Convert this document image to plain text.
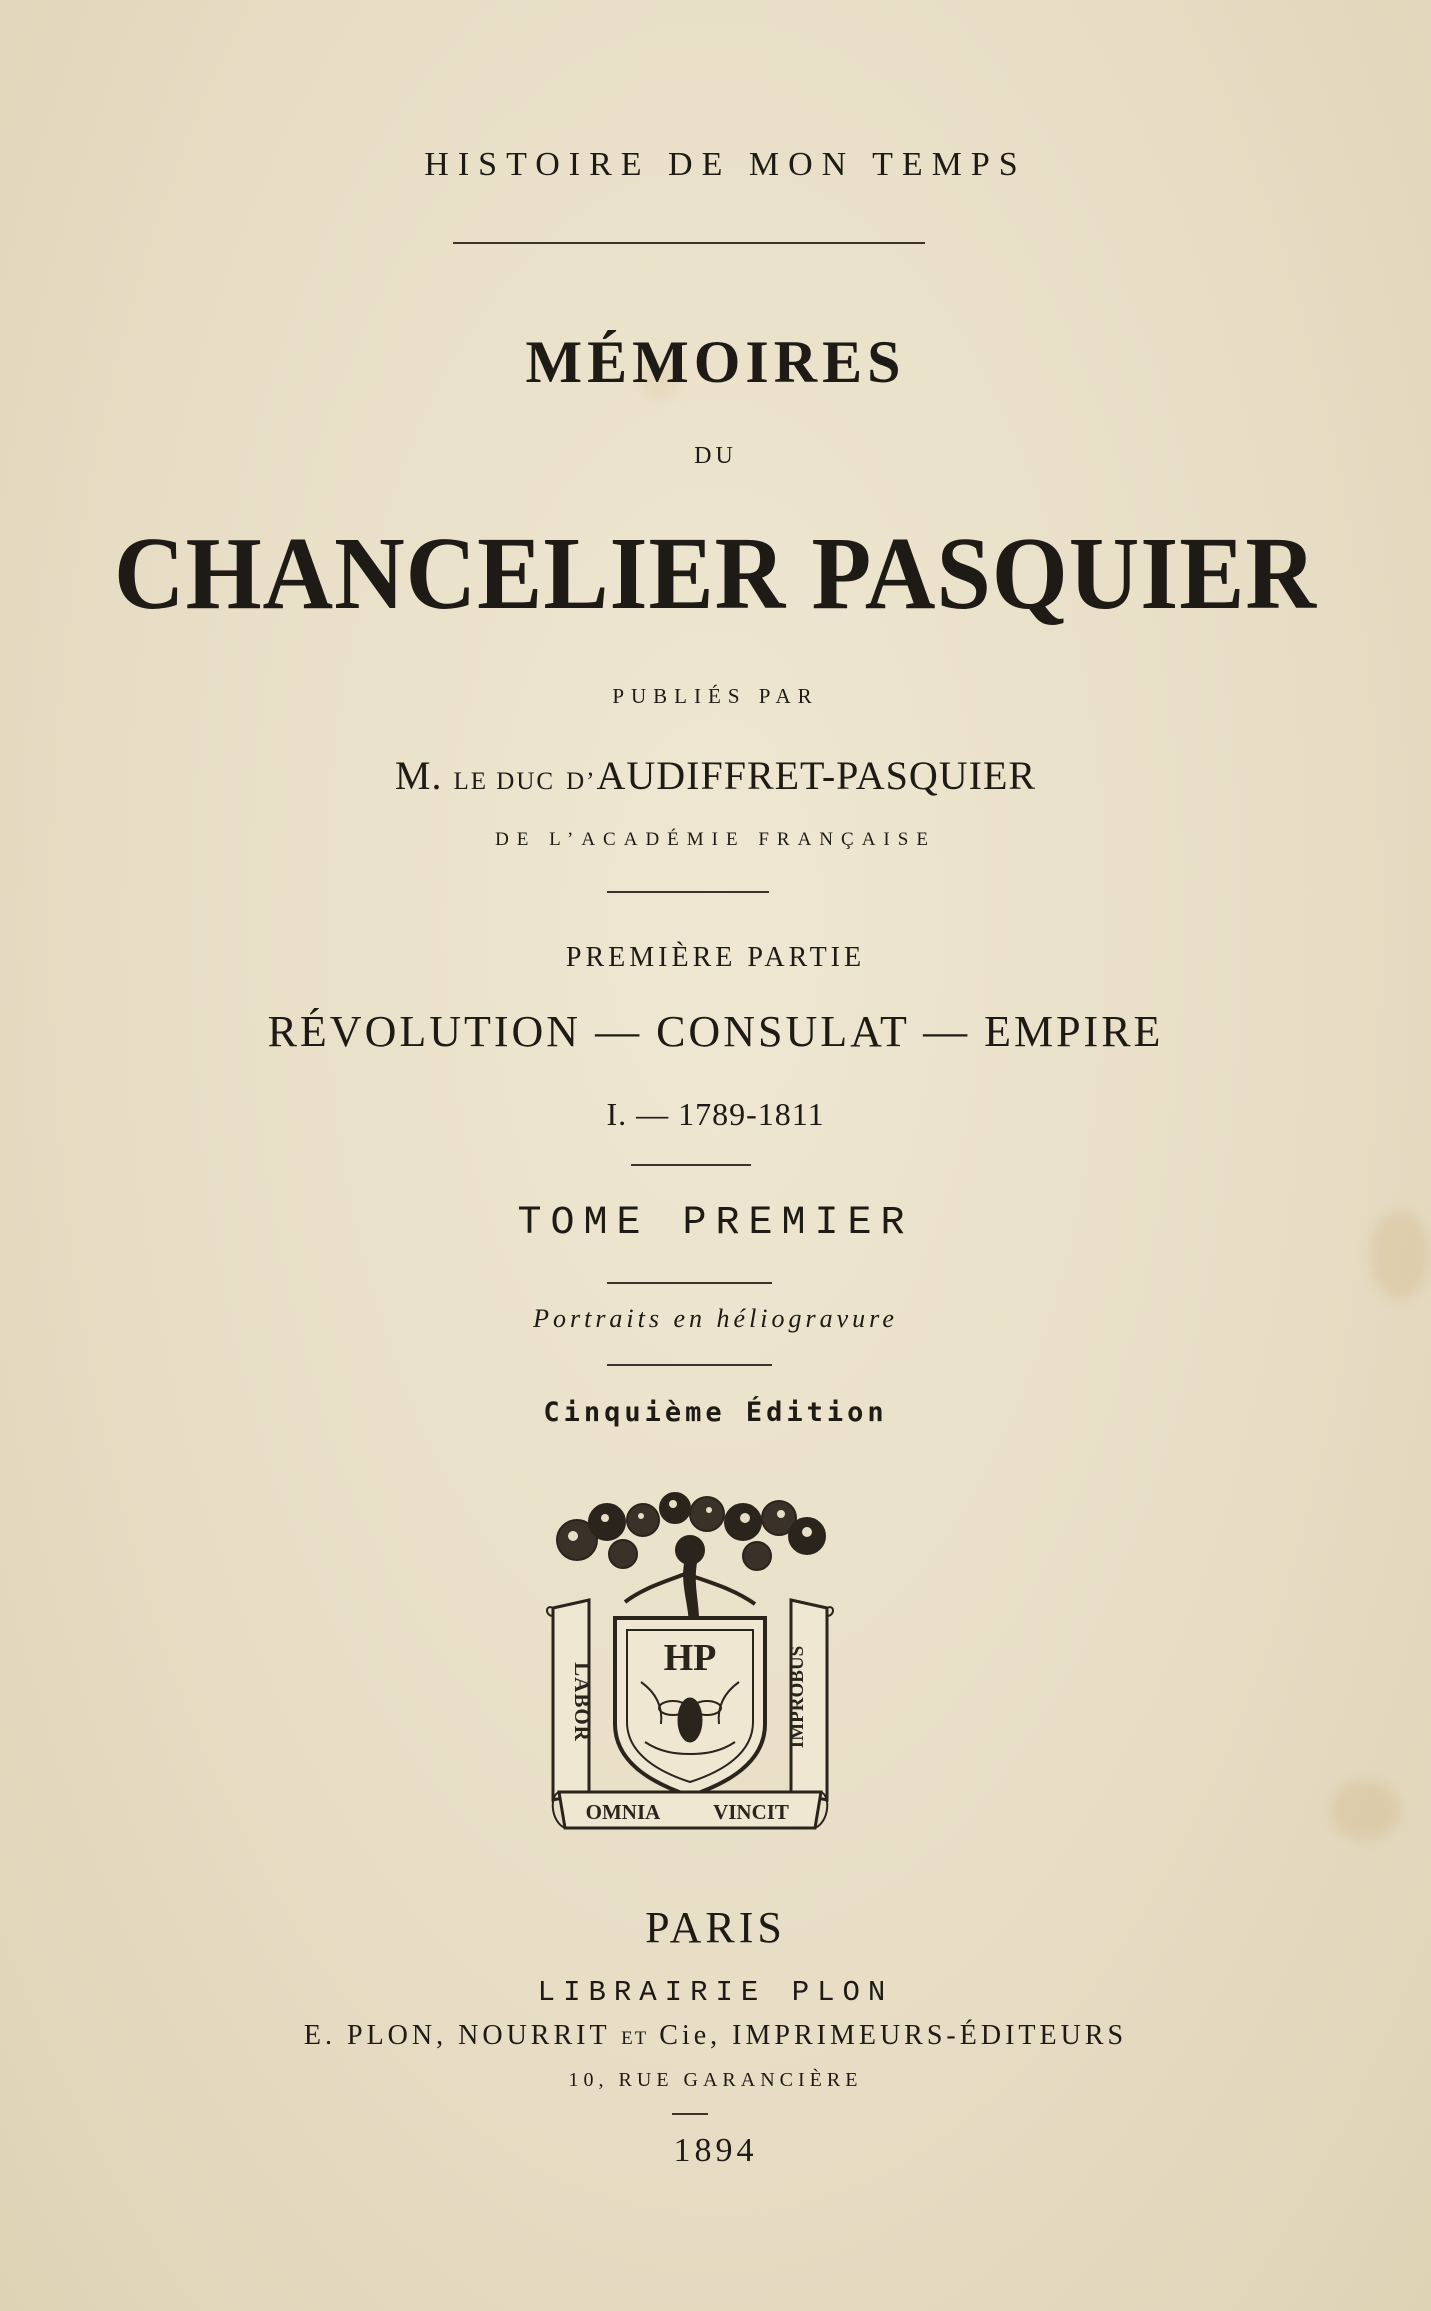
HISTOIRE DE MON TEMPS
MÉMOIRES
DU
CHANCELIER PASQUIER
PUBLIÉS PAR
M. LE DUC D’AUDIFFRET-PASQUIER
DE L’ACADÉMIE FRANÇAISE
PREMIÈRE PARTIE
RÉVOLUTION — CONSULAT — EMPIRE
I. — 1789-1811
TOME PREMIER
Portraits en héliogravure
Cinquième Édition
HP
LABOR	IMPROBUS
OMNIA	VINCIT
PARIS
LIBRAIRIE PLON
E. PLON, NOURRIT ET Cie, IMPRIMEURS-ÉDITEURS
10, RUE GARANCIÈRE
1894
